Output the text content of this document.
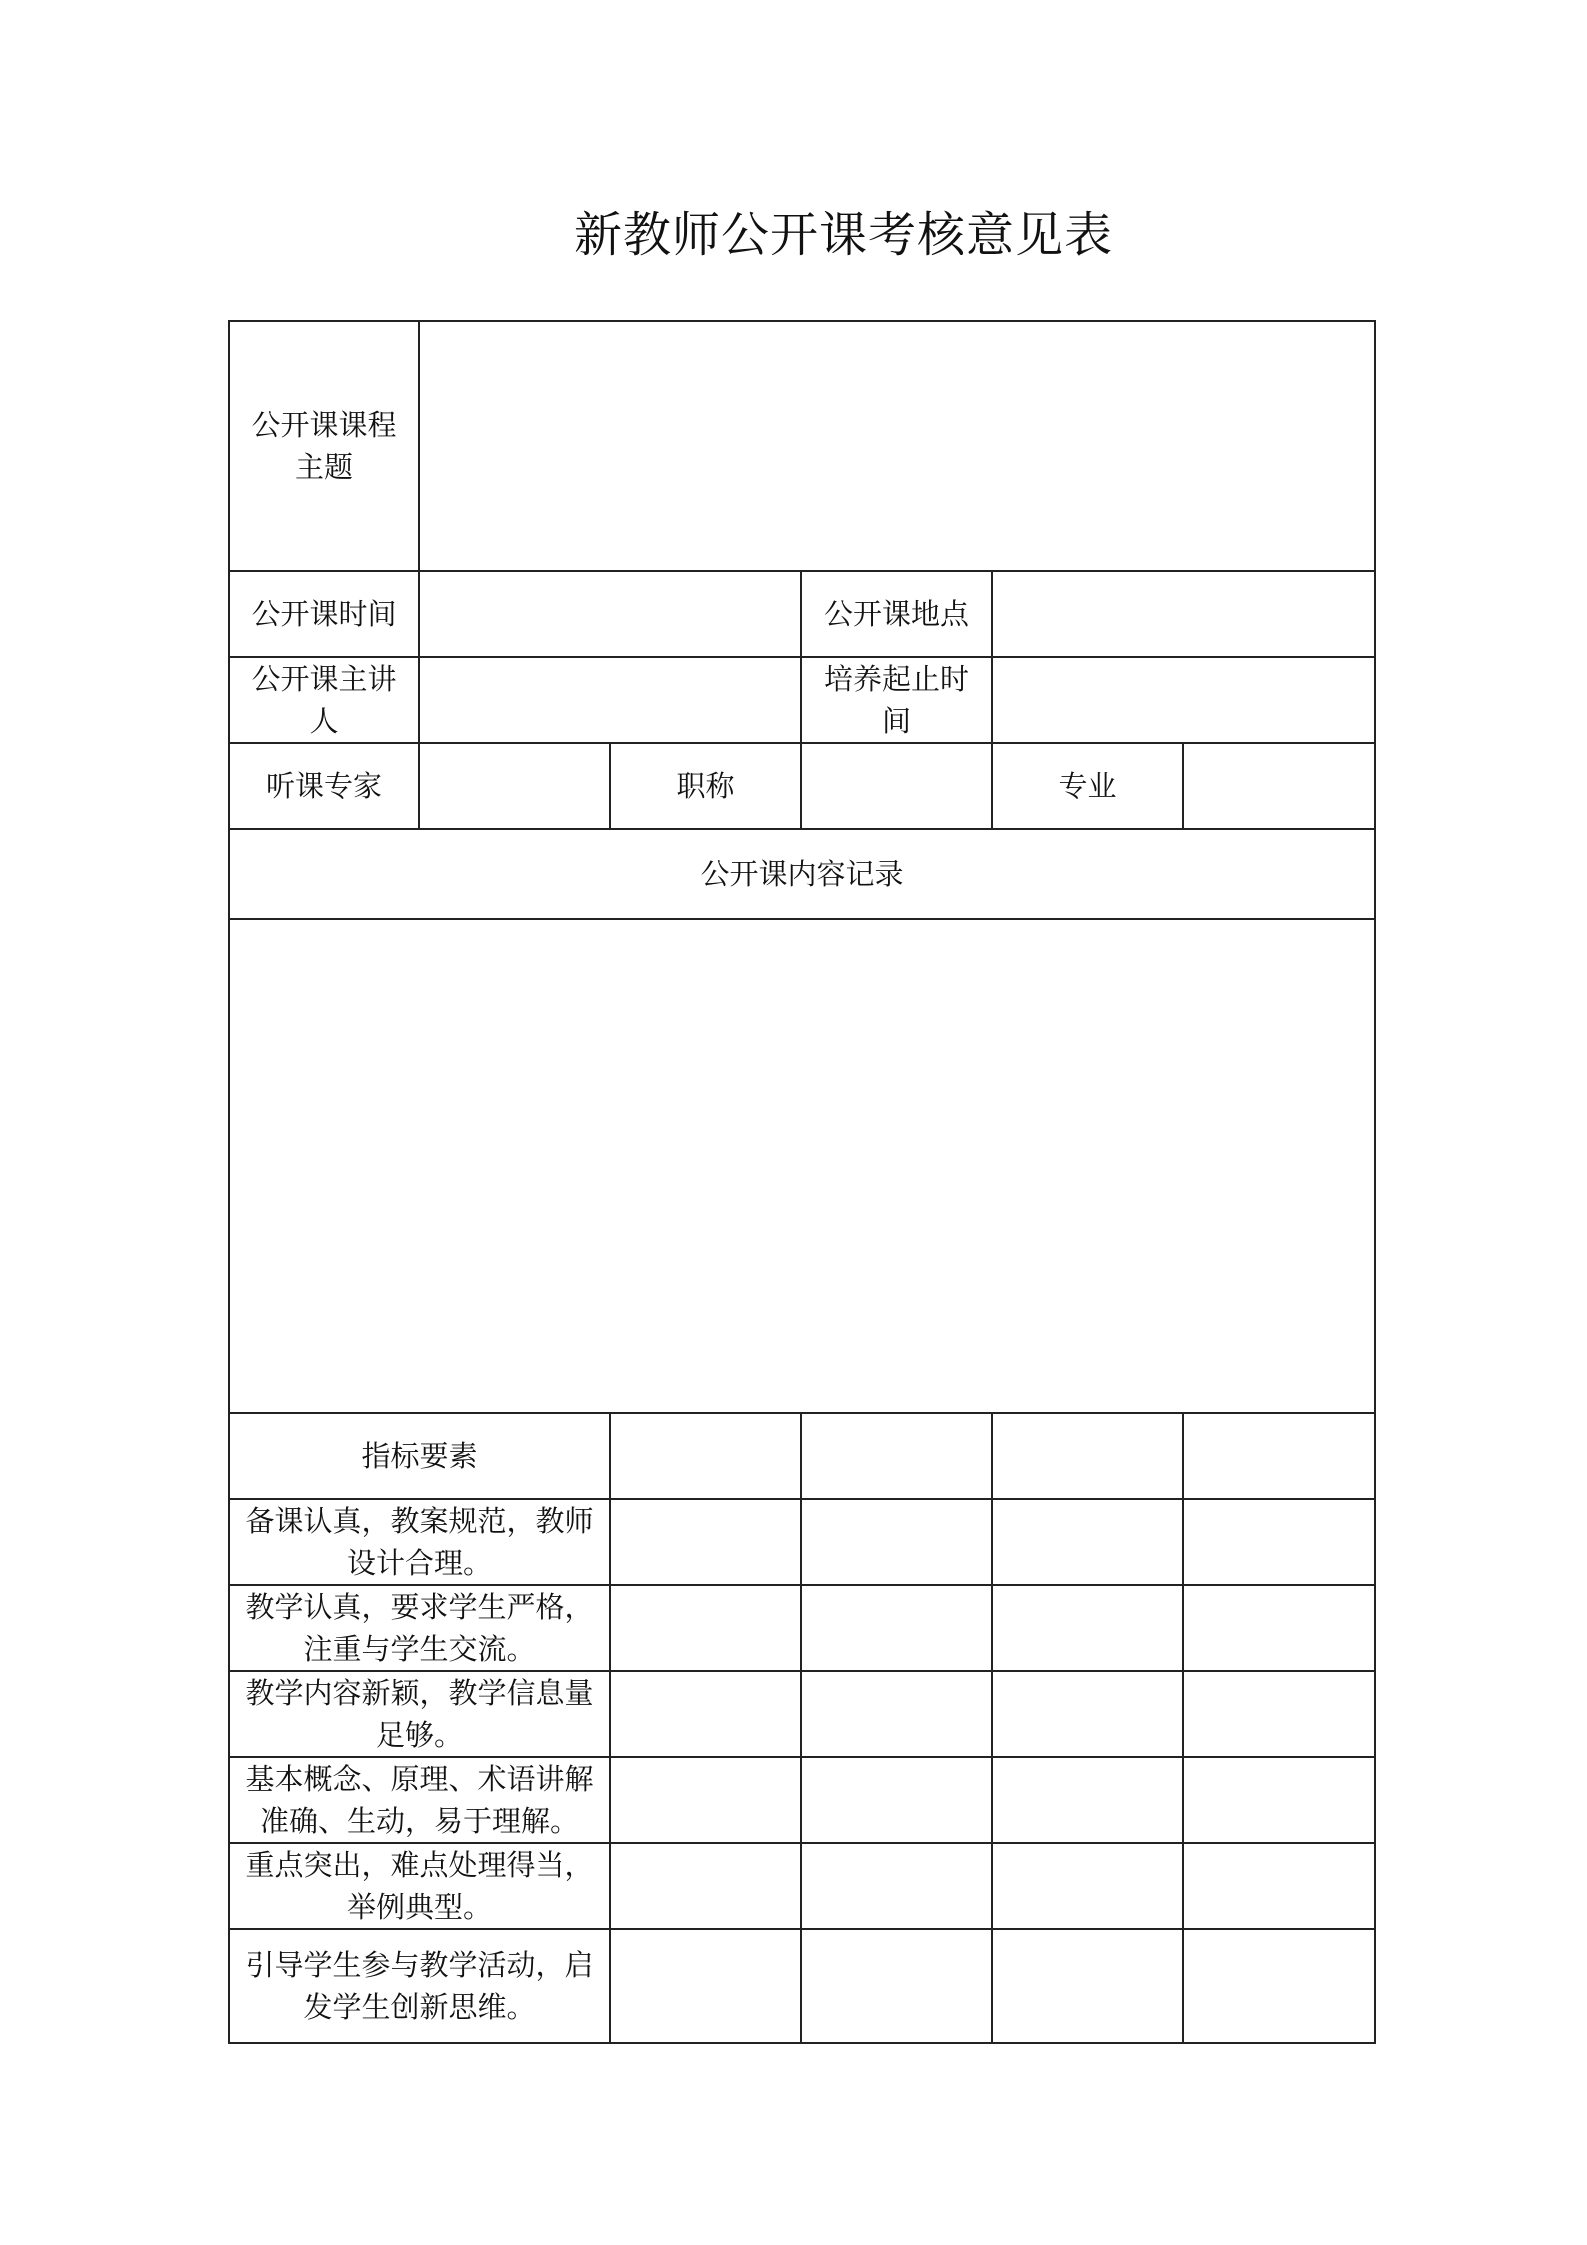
新教师公开课考核意见表
公开课课程主题					
公开课时间			公开课地点		
公开课主讲人			培养起止时间		
听课专家		职称		专业	
公开课内容记录					

指标要素					
备课认真，教案规范，教师设计合理。					
教学认真，要求学生严格，注重与学生交流。					
教学内容新颖，教学信息量足够。					
基本概念、原理、术语讲解准确、生动，易于理解。					
重点突出，难点处理得当，举例典型。					
引导学生参与教学活动，启发学生创新思维。					
